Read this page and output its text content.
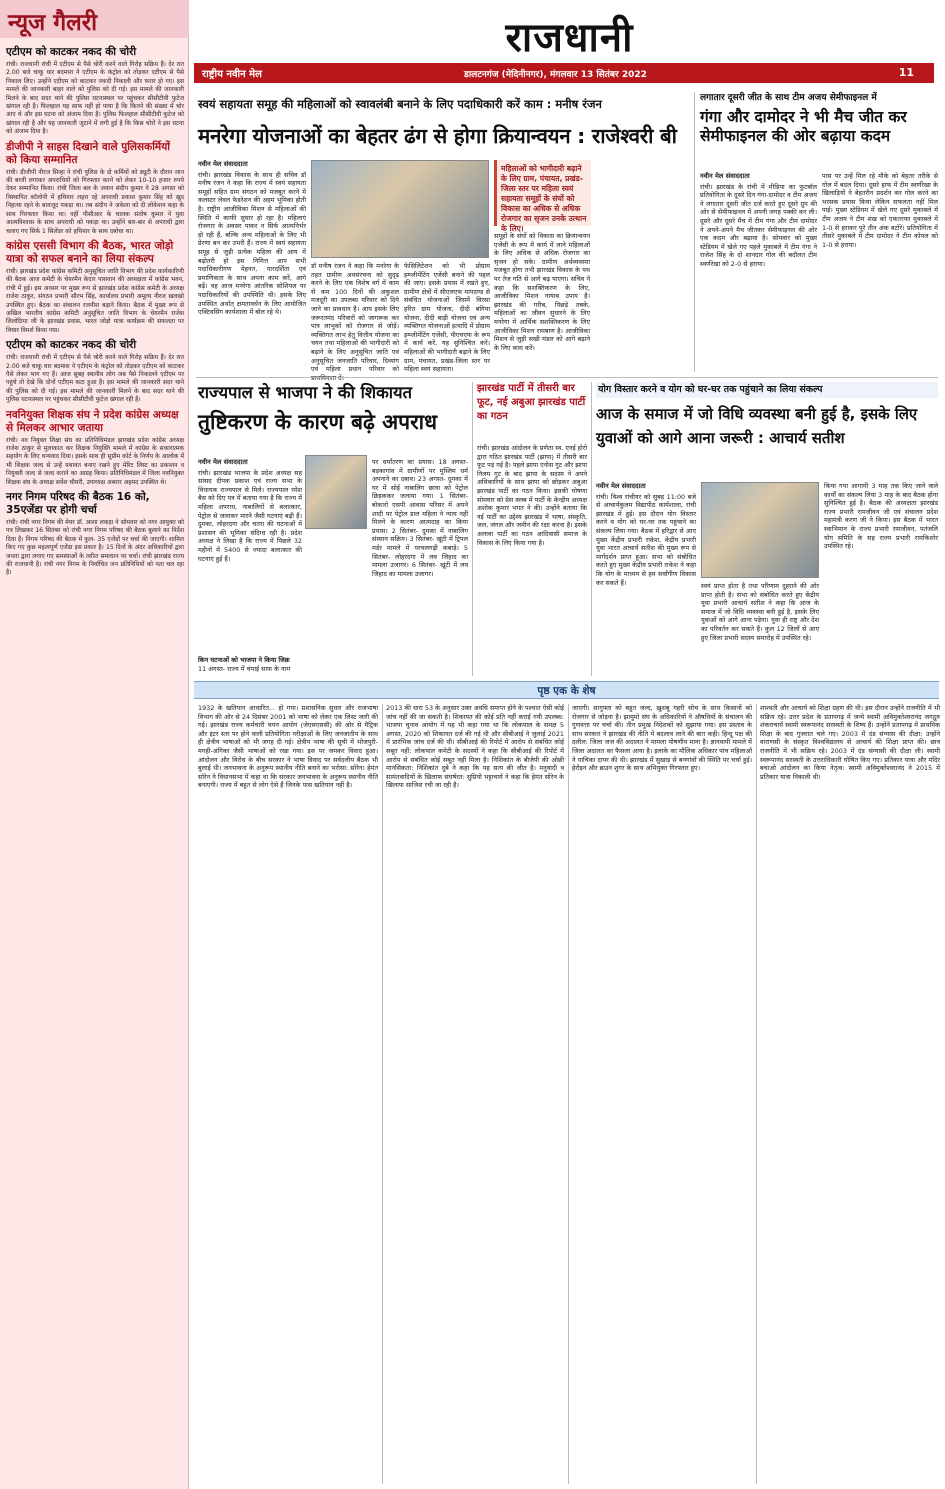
न्यूज गैलरी
एटीएम को काटकर नकद की चोरी
रांची। राजधानी रांची में एटीएम से पैसे चोरी करने वाले गिरोह सक्रिय हैं। देर रात 2.00 बजे चाकू धार बदमाश ने एटीएम के कंट्रोल को तोड़कर एटीएम से पैसे निकाल लिए। उन्होंने एटीएम को काटकर नकदी निकाली और फरार हो गए। इस मामले की जानकारी बाहर वाले को पुलिस को दी गई। इस मामले की जानकारी मिलने के बाद सदर थाने की पुलिस घटनास्थल पर पहुंचकर सीसीटीवी फुटेज खंगाल रही है। फिलहाल यह साफ नहीं हो पाया है कि कितने की संख्या में चोर आए थे और इस घटना को अंजाम दिया है। पुलिस फिलहाल सीसीटीवी फुटेज को खंगाल रही है और यह जानकारी जुटाने में लगी हुई है कि किस चोरों ने इस घटना को अंजाम दिया है।
डीजीपी ने साहस दिखाने वाले पुलिसकर्मियों को किया सम्मानित
रांची। डीजीपी नीरज सिन्हा ने रांची पुलिस के दो कर्मियों को ड्यूटी के दौरान जान की बाजी लगाकर अपराधियों को गिरफ्तार करने को लेकर 10-10 हजार रुपये देकर सम्मानित किया। रांची जिला बल के जवान संदीप कुमार ने 28 अगस्त को विस्थापित कॉलोनी में हथियार लहरा रहे अपराधी प्रकाश कुमार सिंह को खुद निहत्था रहने के बावजूद पकड़ा था। तब संदीप ने अकेला को दी लोकेशन कहा के साथ गिरफ्तार किया था। वहीं पीसीआर के चालक संतोष कुमार ने युवा आत्मविश्वास के साथ अपराधी को पकड़ा था। उन्होंने बार-बार से अपराधी द्वारा चलाए गए सिर्फ़ 1 सिलेंडर को हथियार के साथ दबोचा था।
कांग्रेस एससी विभाग की बैठक, भारत जोड़ो यात्रा को सफल बनाने का लिया संकल्प
रांची। झारखंड प्रदेश कांग्रेस कमिटी अनुसूचित जाति विभाग की प्रदेश कार्यकारिणी की बैठक आज कमेटी के चेयरमैन केदार पासवान की अध्यक्षता में कांग्रेस भवन, रांची में हुई। इस अवसर पर मुख्य रूप से झारखंड प्रदेश कांग्रेस कमेटी के अध्यक्ष राजेश ठाकुर, संगठन प्रभारी सौरभ सिंह, कार्यालय प्रभारी अमूल्य नीरज खलखो उपस्थित हुए। बैठक का संचालन रजनीश बड़ाने किया। बैठक में मुख्य रूप से अखिल भारतीय कांग्रेस कमिटी अनुसूचित जाति विभाग के चेयरमैन राजेश लिलोठिया जी के झारखंड प्रवास, भारत जोड़ो यात्रा कार्यक्रम की सफलता पर विचार विमर्श किया गया।
एटीएम को काटकर नकद की चोरी
रांची। राजधानी रांची में एटीएम से पैसे चोरी करने वाले गिरोह सक्रिय हैं। देर रात 2.00 बजे चाकू धार बदमाश ने एटीएम के कंट्रोल को तोड़कर एटीएम को काटकर पैसे लेकर भाग गए हैं। आज सुबह स्थानीय लोग जब पैसे निकालने एटीएम पर पहुंचे तो देखे कि दोनों एटीएम कटा हुआ है। इस मामले की जानकारी सदर थाने की पुलिस को दी गई। इस मामले की जानकारी मिलने के बाद सदर थाने की पुलिस घटनास्थल पर पहुंचकर सीसीटीवी फुटेज खंगाल रही है।
नवनियुक्त शिक्षक संघ ने प्रदेश कांग्रेस अध्यक्ष से मिलकर आभार जताया
रांची। नव नियुक्त शिक्षा संघ का प्रतिनिधिमंडल झारखंड प्रदेश कांग्रेस अध्यक्ष राजेश ठाकुर से मुलाकात कर शिक्षक नियुक्ति मामले में कांग्रेस के सकारात्मक सहयोग के लिए धन्यवाद दिया। इसके साथ ही सुप्रीम कोर्ट के निर्णय के आलोक में भी शिक्षक जल्द से उन्हें यथावत बनाए रखने हुए मेरिट लिस्ट का प्रकाशन व नियुक्ती जल्द से जल्द कराने का आग्रह किया। प्रतिनिधिमंडल में जिला नवनियुक्त शिक्षक संघ के अध्यक्ष सर्वेश चौधरी, उपाध्यक्ष अबरार अहमद उपस्थित थे।
नगर निगम परिषद की बैठक 16 को, 35एजेंडा पर होगी चर्चा
रांची। रांची नगर निगम की मेयर डॉ. आशा लकड़ा ने सोमवार को नगर आयुक्त को पत्र लिखकर 16 सितंबर को रांची नगर निगम परिषद की बैठक बुलाने का निर्देश दिया है। निगम परिषद की बैठक में कुल- 35 एजेंडों पर चर्चा की जाएगी। शामिल किए गए कुछ महत्वपूर्ण एजेंडा इस प्रकार है। 15 दिनों के अंदर अधिकारियों द्वारा जनता द्वारा लगाए गए समस्याओं के त्वरित समाधान पर चर्चा। रांची झारखंड राज्य की राजधानी है। रांची नगर निगम के निर्वाचित जन प्रतिनिधियों को पता चल रहा है।
राजधानी
राष्ट्रीय नवीन मेल	डालटनगंज (मेदिनीनगर), मंगलवार 13 सितंबर 2022	11
स्वयं सहायता समूह की महिलाओं को स्वावलंबी बनाने के लिए पदाधिकारी करें काम : मनीष रंजन
मनरेगा योजनाओं का बेहतर ढंग से होगा क्रियान्वयन : राजेश्वरी बी
नवीन मेल संवाददाता
रांची। झारखंड विकास के साथ ही सचिव डॉ मनीष रंजन ने कहा कि राज्य में स्वयं सहायता समूहों सहित ग्राम संगठन को मजबूत करने में कलस्टर लेवल फेडरेशन की अहम भूमिका होती है। राष्ट्रीय आजीविका मिशन से महिलाओं की स्थिति में काफी सुधार हो रहा है। महिलाएं रोजगार के अवसर पाकर न सिर्फ आत्मनिर्भर हो रही हैं, बल्कि अन्य महिलाओं के लिए भी प्रेरणा बन कर उभरी हैं। राज्य में स्वयं सहायता समूह से जुड़ी प्रत्येक महिला की आय में बढ़ोतरी हो इस निमित्त आप सभी पदाधिकारीगण मेहनत, पारदर्शिता एवं प्रमाणिकता के साथ अपना काम करें, आगे बढ़ें। वह आज मनरेगा आंतरिक सोशियल पर पदाधिकारियों की उपस्थिति थी। इसके लिए उपस्थित अर्थात् क्षमतावर्धन के लिए आयोजित एक्टिवसिंग कार्यशाला में बोल रहे थे।
डॉ मनीष रंजन ने कहा कि मनरेगा के तहत ग्रामीण अवसंरचना को सुदृढ़ करने के लिए एक विशेष वर्ग में काम से कम 100 दिनों की अकुशल मजदूरी का उपलब्ध परिवार को दिये जाने का प्रावधान है। आप इसके लिए जरूरतमंद परिवारों को जागरूक कर पात्र लाभुकों को रोजगार से जोड़ें। व्यक्तिगत लाभ हेतु वित्तीय योजना का चयन तथा महिलाओं की भागीदारी को बढ़ाने के लिए अनुसूचित जाति एवं अनुसूचित जनजाति परिवार, दिव्यांग एवं महिला प्रधान परिवार को
फेसिलिटेशन को भी प्रोग्राम इम्प्लीमेंटिंग एजेंसी बनाने की पहल की जाए। इसके प्रयास में रखते हुए, ग्रामीण क्षेत्रों में सीएलएफ मापदण्ड से संबंधित योजनाओं जिसमें विरसा हरित ग्राम योजना, दीदी बगिया योजना, दीदी बाड़ी योजना एवं अन्य व्यक्तिगत योजनाओं इत्यादि में प्रोग्राम इम्प्लीमेंटिंग एजेंसी, पीएचएफ के रूप में कार्य करें, यह सुनिश्चित करें। महिलाओं की भागीदारी बढ़ाने के लिए ग्राम, पंचायत, प्रखंड-जिला स्तर पर महिला स्वयं सहायता।
महिलाओं को भागीदारी बढ़ाने के लिए ग्राम, पंचायत, प्रखंड-जिला स्तर पर महिला स्वयं सहायता समूहों के संघों को विकास का अधिक से अधिक रोजगार का सृजन उनके उत्थान के लिए।
समूहों के संघों को विकास का क्रियान्वयन एजेंसी के रूप में कार्य में लाने महिलाओं के लिए अधिक से अधिक रोजगार का सृजन हो सके। ग्रामीण अर्थव्यवस्था मजबूत होगा तभी झारखंड विकास के पथ पर तेज गति से आगे बढ़ पाएगा। सचिव ने कहा कि सशक्तिकरण के लिए, आजीविका मिशन नायाब उपाय है। झारखंड की गरीब, पिछड़े तबके, महिलाओं का जीवन सुधारने के लिए मनरेगा में आर्थिक सशक्तिकरण के लिए आजीविका मिशन रामबाण है। आजीविका मिशन से जुड़ी सखी मंडल को आगे बढ़ाने के लिए काम करें।
लगातार दूसरी जीत के साथ टीम अजय सेमीफाइनल में
गंगा और दामोदर ने भी मैच जीत कर सेमीफाइनल की ओर बढ़ाया कदम
नवीन मेल संवाददाता
रांची। झारखंड के रांची में मीडिया का फुटबॉल प्रतियोगिता के दूसरे दिन गंगा-दामोदर व टीम अजय ने लगातार दूसरी जीत दर्ज करते हुए दूसरे ग्रुप की ओर से सेमीफाइनल में अपनी जगह पक्की कर ली। दूसरे और दूसरे मैच में टीम गंगा और टीम दामोदर ने अपने-अपने मैच जीतकर सेमीफाइनल की ओर एक कदम और बढ़ाया है। सोमवार को मुख्य स्टेडियम में खेले गए पहले मुकाबले में टीम गंगा ने राजेश सिंह के दो शानदार गोल की बदौलत टीम स्वर्णरेखा को 2-0 से हराया।
पास पर उन्हें मिल रहे मौके को बेहतर तरीके से गोल में बदल दिया। दूसरे हाफ में टीम स्वर्णरेखा के खिलाड़ियों ने बेहतरीन प्रदर्शन कर गोल करने का भरसक प्रयास किया लेकिन सफलता नहीं मिल पाई। मुख्य स्टेडियम में खेले गए दूसरे मुकाबले में टीम अजय ने टीम शंख को एकतरफा मुकाबले में 1-0 से हराकर पूरे तीन अंक बटोरे। प्रतियोगिता में तीसरे मुकाबले में टीम दामोदर ने टीम कोयल को 1-0 से हराया।
राज्यपाल से भाजपा ने की शिकायत
तुष्टिकरण के कारण बढ़े अपराध
नवीन मेल संवाददाता
रांची। झारखंड भाजपा के प्रदेश अध्यक्ष सह सांसद दीपक प्रकाश एवं राज्य सभा के विधायक राज्यपाल से मिले। राज्यपाल रमेश बैस को दिए पत्र में बताया गया है कि राज्य में महिला अपराध, नाबालिगों से बलात्कार, पेट्रोल से जलाकर मारने जैसी घटनाएं बढ़ी हैं। दुमका, लोहरदगा और चतरा की घटनाओं में प्रशासन की भूमिका संदिग्ध रही है। प्रदेश अध्यक्ष ने लिखा है कि राज्य में पिछले 32 महीनों में 5400 से ज्यादा बलात्कार की घटनाएं हुई हैं।
किन घटनाओं को भाजपा ने किया जिक्र
11 अगस्त- राज्य में चंपाई साफ के नाम
पर धर्मांतरण का प्रयास। 18 अगस्त- बड़कागांव में ग्रामीणों पर मुस्लिम धर्म अपनाने का दबाव। 23 अगस्त- दुमका में घर में सोई नाबालिग छात्रा को पेट्रोल छिड़ककर जलाया गया। 1 सितंबर- बोकारो एसपी आवास परिसर में अपने शादी पर पेट्रोल डाल महिला ने न्याय नहीं मिलने के कारण आत्मदाह का किया प्रयास। 2 सितंबर- दुमका में नाबालिग संस्थान सक्रिय। 3 सितंबर- खूंटी में ट्रिपल मर्डर मामले में परचलगढ़ी कबाड़े। 5 सितंबर- लोहरदगा में लव जिहाद का मामला उजागर। 6 सितंबर- खूंटी में लव जिहाद का मामला उजागर।
झारखंड पार्टी में तीसरी बार फूट, नई अबुआ झारखंड पार्टी का गठन
रांची। झारखंड आंदोलन के प्रणेता स्व. एनई होरो द्वारा गठित झारखंड पार्टी (झापा) में तीसरी बार फूट पड़ गई है। पहले झापा एनोस गुट और झापा निलम गुट के बाद झापा के सदस्य ने अपने अधिकारियों के साथ झापा को छोड़कर अबुआ झारखंड पार्टी का गठन किया। इसकी घोषणा सोमवार को प्रेस क्लब में पार्टी के केन्द्रीय अध्यक्ष अशोक कुमार भगत ने की। उन्होंने बताया कि नई पार्टी का उद्देश्य झारखंड में भाषा, संस्कृति, जल, जंगल और जमीन की रक्षा करना है। इसके अलावा पार्टी का गठन आदिवासी समाज के विकास के लिए किया गया है।
योग विस्तार करने व योग को घर-घर तक पहुंचाने का लिया संकल्प
आज के समाज में जो विधि व्यवस्था बनी हुई है, इसके लिए युवाओं को आगे आना जरूरी : आचार्य सतीश
नवीन मेल संवाददाता
रांची। विश्व रांचीयर को सुबह 11:00 बजे से आचार्यकुलम विद्यापीठ कार्यशाला, रांची झारखंड में हुई। इस दौरान योग विस्तार करने व योग को घर-घर तक पहुंचाने का संकल्प लिया गया। बैठक में हरिद्वार से आए मुख्य केंद्रीय प्रभारी राकेश, केंद्रीय प्रभारी युवा भारत आचार्य सतीश की मुख्य रूप से मार्गदर्शन प्राप्त हुआ। सभा को संबोधित करते हुए मुख्य केंद्रीय प्रभारी राकेश ने कहा कि योग के माध्यम से हम सर्वांगीण विकास कर सकते हैं।	स्वयं प्राप्त होता है तथा परिणाम दुहराने की ओर प्राप्त होती है। सभा को संबोधित करते हुए केंद्रीय युवा प्रभारी आचार्य सतीश ने कहा कि आज के समाज में जो विधि व्यवस्था बनी हुई है, इसके लिए युवाओं को आगे आना पड़ेगा। युवा ही राष्ट्र और देश का परिवर्तन कर सकते हैं। कुल 12 जिलों से आए हुए जिला प्रभारी सदस्य समारोह में उपस्थित रहे।
किया गया आगामी 3 माह तक किए जाने वाले कार्यों का संकल्प लिया 3 माह के बाद बैठक होना सुनिश्चित हुई है। बैठक की अध्यक्षता झारखंड राज्य प्रभारी रामजीवन जी एवं संचालन प्रदेश महामंत्री करण जी ने किया। इस बैठक में भारत स्वाभिमान के राज्य प्रभारी रामजीवन, पतंजलि योग समिति के सह राज्य प्रभारी रामकिशोर उपस्थित रहे।
पृष्ठ एक के शेष
1932 के खतियान आधारित... हो गया। प्रशासनिक सुधार और राजभाषा विभाग की ओर से 24 दिसंबर 2001 को भाषा को लेकर एक लिस्ट जारी की गई। झारखंड राज्य कर्मचारी चयन आयोग (जेएसएससी) की ओर से मैट्रिक और इंटर स्तर पर होने वाली प्रतियोगिता परीक्षाओं के लिए जनजातीय के साथ ही क्षेत्रीय भाषाओं को भी जगह दी गई। क्षेत्रीय भाषा की सूची में भोजपुरी-मगही-अंगिका जैसी भाषाओं को रखा गया। इस पर जमकर विवाद हुआ। आंदोलन और विरोध के बीच सरकार ने भाषा विवाद पर सर्वदलीय बैठक भी बुलाई थी। जनभावना के अनुरूप स्थानीय नीति बनाने का भरोसा: सोरेन। हेमंत सोरेन ने विधानसभा में कहा था कि सरकार जनभावना के अनुरूप स्थानीय नीति बनाएगी। राज्य में बहुत से लोग ऐसे हैं जिनके पास खतियान नहीं है।
2013 की धारा 53 के अनुसार उक्त अवधि समाप्त होने के पश्चात ऐसी कोई जांच नहीं की जा सकती है। शिकायत की कोई प्रति नहीं कराई गयी उपलब्ध: भाजपा चुनाव आयोग में यह भी कहा गया था कि लोकपाल के समक्ष 5 अगस्त, 2020 को शिकायत दर्ज की गई थी और सीबीआई ने जुलाई 2021 में प्रारंभिक जांच दर्ज की थी। सीबीआई की रिपोर्ट में आरोप से संबंधित कोई सबूत नहीं: लोकपाल कमेटी के सदस्यों ने कहा कि सीबीआई की रिपोर्ट में आरोप से संबंधित कोई सबूत नहीं मिला है। निशिकांत के बीजेपी की ओछी मानसिकता: निशिकांत दुबे ने कहा कि यह सत्य की जीत है। मनुवादी व सामंतवादियों के खिलाफ संघर्षरत: सुप्रियो भट्टाचार्य ने कहा कि हेमंत सोरेन के खिलाफ साजिश रची जा रही है।
जाएगी। सागुफ्ता को बहुत जल्द, ख़ुशबू गहरी सोच के साथ किसानों को रोजगार से जोड़ना है। झामुमो संघ के अधिकारियों ने औषधियों के संचालन की गुणवत्ता पर चर्चा की। तीन प्रमुख निदेशकों को सुझाया गया। इस प्रस्ताव के साथ सरकार ने झारखंड की नीति में बदलाव लाने की बात कही। हिन्दू पक्ष की दलील: जिला जज की अदालत ने मामला पोषणीय माना है। ज्ञानवापी मामले में जिला अदालत का फैसला आया है। इलाके का मौलिक अधिकार पांच महिलाओं ने याचिका दायर की थी। झारखंड में सुखाड़ से बनगांवों की स्थिति पर चर्चा हुई। हेरोइन और ब्राउन शुगर के साथ अभियुक्त गिरफ्तार हुए।
शाश्वती और आचार्य को शिक्षा ग्रहण की थी। इस दौरान उन्होंने राजनीति में भी सक्रिय रहे। उत्तर प्रदेश के प्रतापगढ़ में जन्मे स्वामी अविमुक्तेश्वरानंद जगद्गुरु शंकराचार्य स्वामी स्वरूपानंद सरस्वती के शिष्य हैं। उन्होंने प्रतापगढ़ में प्राथमिक शिक्षा के बाद गुजरात चले गए। 2003 में दंड संन्यास की दीक्षा: उन्होंने वाराणसी के संस्कृत विश्वविद्यालय से आचार्य की शिक्षा प्राप्त की। छात्र राजनीति में भी सक्रिय रहे। 2003 में दंड संन्यासी की दीक्षा ली। स्वामी स्वरूपानंद सरस्वती के उत्तराधिकारी घोषित किए गए। प्रतिकार यात्रा और मंदिर बचाओ आंदोलन का किया नेतृत्व: स्वामी अविमुक्तेश्वरानंद ने 2015 में प्रतिकार यात्रा निकाली थी।
